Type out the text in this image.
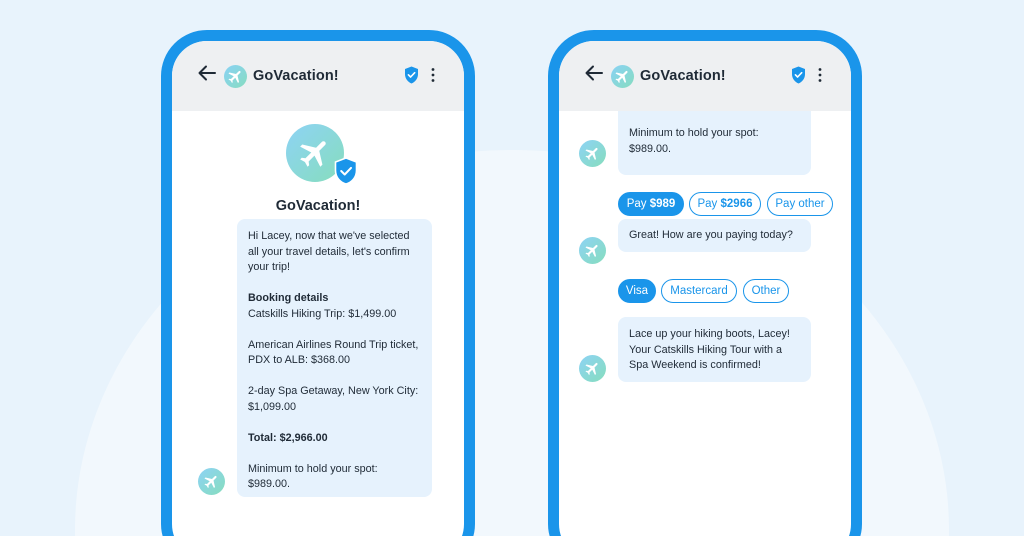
GoVacation!
GoVacation!

Hi Lacey, now that we've selected all your travel details, let's confirm your trip!

Booking details
Catskills Hiking Trip: $1,499.00

American Airlines Round Trip ticket, PDX to ALB: $368.00

2-day Spa Getaway, New York City: $1,099.00

Total: $2,966.00

Minimum to hold your spot: $989.00.

Minimum to hold your spot: $989.00.

GoVacation!
Pay $989	Pay $2966	Pay other

Great! How are you paying today?

Visa	Mastercard	Other

Lace up your hiking boots, Lacey! Your Catskills Hiking Tour with a Spa Weekend is confirmed!
